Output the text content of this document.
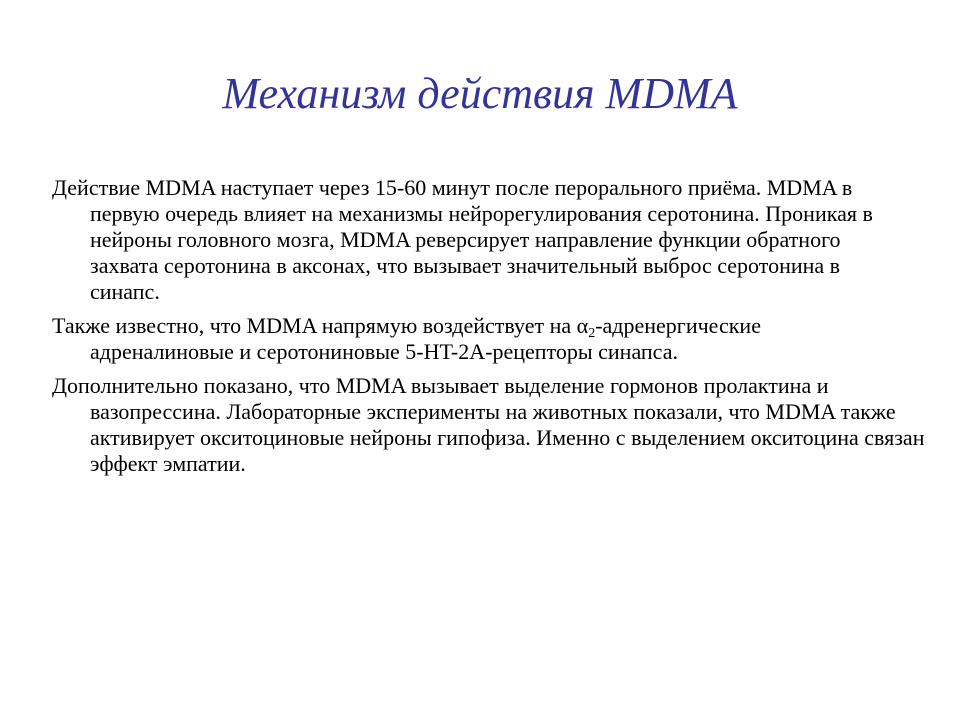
Механизм действия MDMA

Действие MDMA наступает через 15-60 минут после перорального приёма. MDMA в первую очередь влияет на механизмы нейрорегулирования серотонина. Проникая в нейроны головного мозга, MDMA реверсирует направление функции обратного захвата серотонина в аксонах, что вызывает значительный выброс серотонина в синапс.

Также известно, что MDMA напрямую воздействует на $\alpha_2$-адренергические адреналиновые и серотониновые 5-HT-2A-рецепторы синапса.

Дополнительно показано, что MDMA вызывает выделение гормонов пролактина и вазопрессина. Лабораторные эксперименты на животных показали, что MDMA также активирует окситоциновые нейроны гипофиза. Именно с выделением окситоцина связан эффект эмпатии.
